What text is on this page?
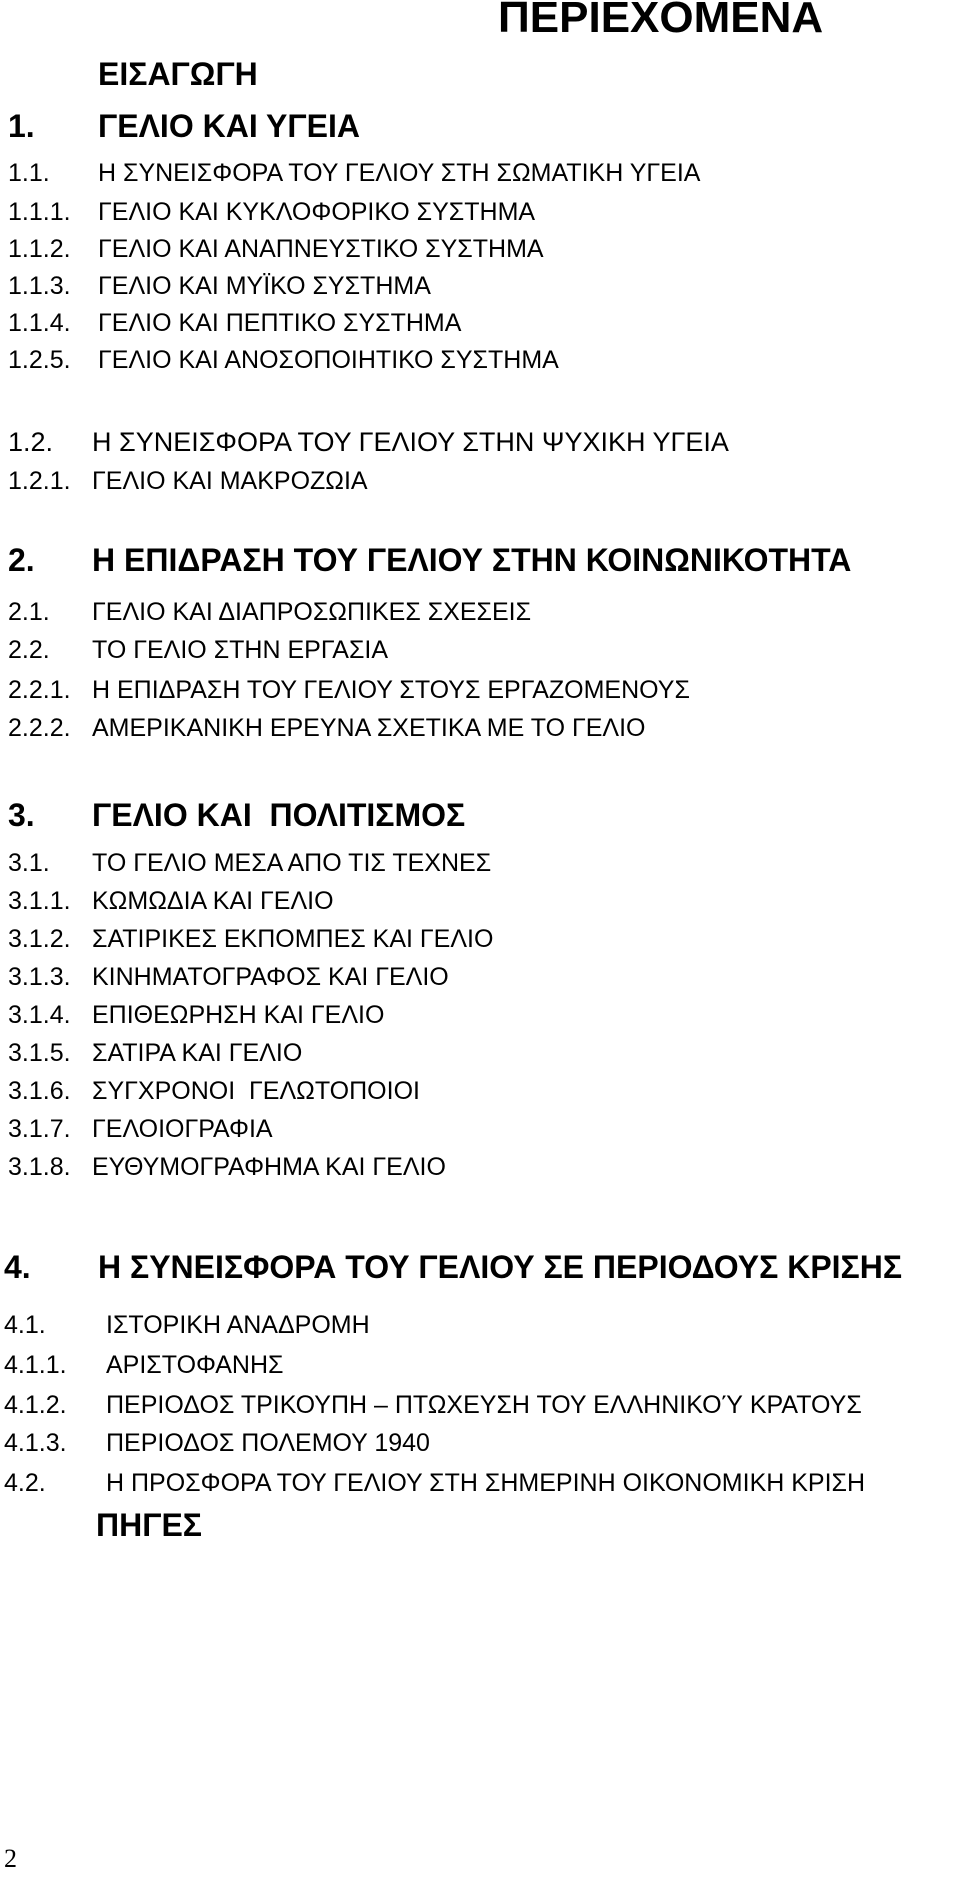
ΠΕΡΙΕΧΟΜΕΝΑ
ΕΙΣΑΓΩΓΗ
1. ΓΕΛΙΟ ΚΑΙ ΥΓΕΙΑ
1.1. Η ΣΥΝΕΙΣΦΟΡΑ ΤΟΥ ΓΕΛΙΟΥ ΣΤΗ ΣΩΜΑΤΙΚΗ ΥΓΕΙΑ
1.1.1. ΓΕΛΙΟ ΚΑΙ ΚΥΚΛΟΦΟΡΙΚΟ ΣΥΣΤΗΜΑ
1.1.2. ΓΕΛΙΟ ΚΑΙ ΑΝΑΠΝΕΥΣΤΙΚΟ ΣΥΣΤΗΜΑ
1.1.3. ΓΕΛΙΟ ΚΑΙ ΜΥΪΚΟ ΣΥΣΤΗΜΑ
1.1.4. ΓΕΛΙΟ ΚΑΙ ΠΕΠΤΙΚΟ ΣΥΣΤΗΜΑ
1.2.5. ΓΕΛΙΟ ΚΑΙ ΑΝΟΣΟΠΟΙΗΤΙΚΟ ΣΥΣΤΗΜΑ
1.2. Η ΣΥΝΕΙΣΦΟΡΑ ΤΟΥ ΓΕΛΙΟΥ ΣΤΗΝ ΨΥΧΙΚΗ ΥΓΕΙΑ
1.2.1. ΓΕΛΙΟ ΚΑΙ ΜΑΚΡΟΖΩΙΑ
2. Η ΕΠΙΔΡΑΣΗ ΤΟΥ ΓΕΛΙΟΥ ΣΤΗΝ ΚΟΙΝΩΝΙΚΟΤΗΤΑ
2.1. ΓΕΛΙΟ ΚΑΙ ΔΙΑΠΡΟΣΩΠΙΚΕΣ ΣΧΕΣΕΙΣ
2.2. ΤΟ ΓΕΛΙΟ ΣΤΗΝ ΕΡΓΑΣΙΑ
2.2.1. Η ΕΠΙΔΡΑΣΗ ΤΟΥ ΓΕΛΙΟΥ ΣΤΟΥΣ ΕΡΓΑΖΟΜΕΝΟΥΣ
2.2.2. ΑΜΕΡΙΚΑΝΙΚΗ ΕΡΕΥΝΑ ΣΧΕΤΙΚΑ ΜΕ ΤΟ ΓΕΛΙΟ
3. ΓΕΛΙΟ ΚΑΙ  ΠΟΛΙΤΙΣΜΟΣ
3.1. ΤΟ ΓΕΛΙΟ ΜΕΣΑ ΑΠΟ ΤΙΣ ΤΕΧΝΕΣ
3.1.1. ΚΩΜΩΔΙΑ ΚΑΙ ΓΕΛΙΟ
3.1.2. ΣΑΤΙΡΙΚΕΣ ΕΚΠΟΜΠΕΣ ΚΑΙ ΓΕΛΙΟ
3.1.3. ΚΙΝΗΜΑΤΟΓΡΑΦΟΣ ΚΑΙ ΓΕΛΙΟ
3.1.4. ΕΠΙΘΕΩΡΗΣΗ ΚΑΙ ΓΕΛΙΟ
3.1.5. ΣΑΤΙΡΑ ΚΑΙ ΓΕΛΙΟ
3.1.6. ΣΥΓΧΡΟΝΟΙ  ΓΕΛΩΤΟΠΟΙΟΙ
3.1.7. ΓΕΛΟΙΟΓΡΑΦΙΑ
3.1.8. ΕΥΘΥΜΟΓΡΑΦΗΜΑ ΚΑΙ ΓΕΛΙΟ
4. Η ΣΥΝΕΙΣΦΟΡΑ ΤΟΥ ΓΕΛΙΟΥ ΣΕ ΠΕΡΙΟΔΟΥΣ ΚΡΙΣΗΣ
4.1. ΙΣΤΟΡΙΚΗ ΑΝΑΔΡΟΜΗ
4.1.1. ΑΡΙΣΤΟΦΑΝΗΣ
4.1.2. ΠΕΡΙΟΔΟΣ ΤΡΙΚΟΥΠΗ – ΠΤΩΧΕΥΣΗ ΤΟΥ ΕΛΛΗΝΙΚΟΎ ΚΡΑΤΟΥΣ
4.1.3. ΠΕΡΙΟΔΟΣ ΠΟΛΕΜΟΥ 1940
4.2. Η ΠΡΟΣΦΟΡΑ ΤΟΥ ΓΕΛΙΟΥ ΣΤΗ ΣΗΜΕΡΙΝΗ ΟΙΚΟΝΟΜΙΚΗ ΚΡΙΣΗ
ΠΗΓΕΣ
2
